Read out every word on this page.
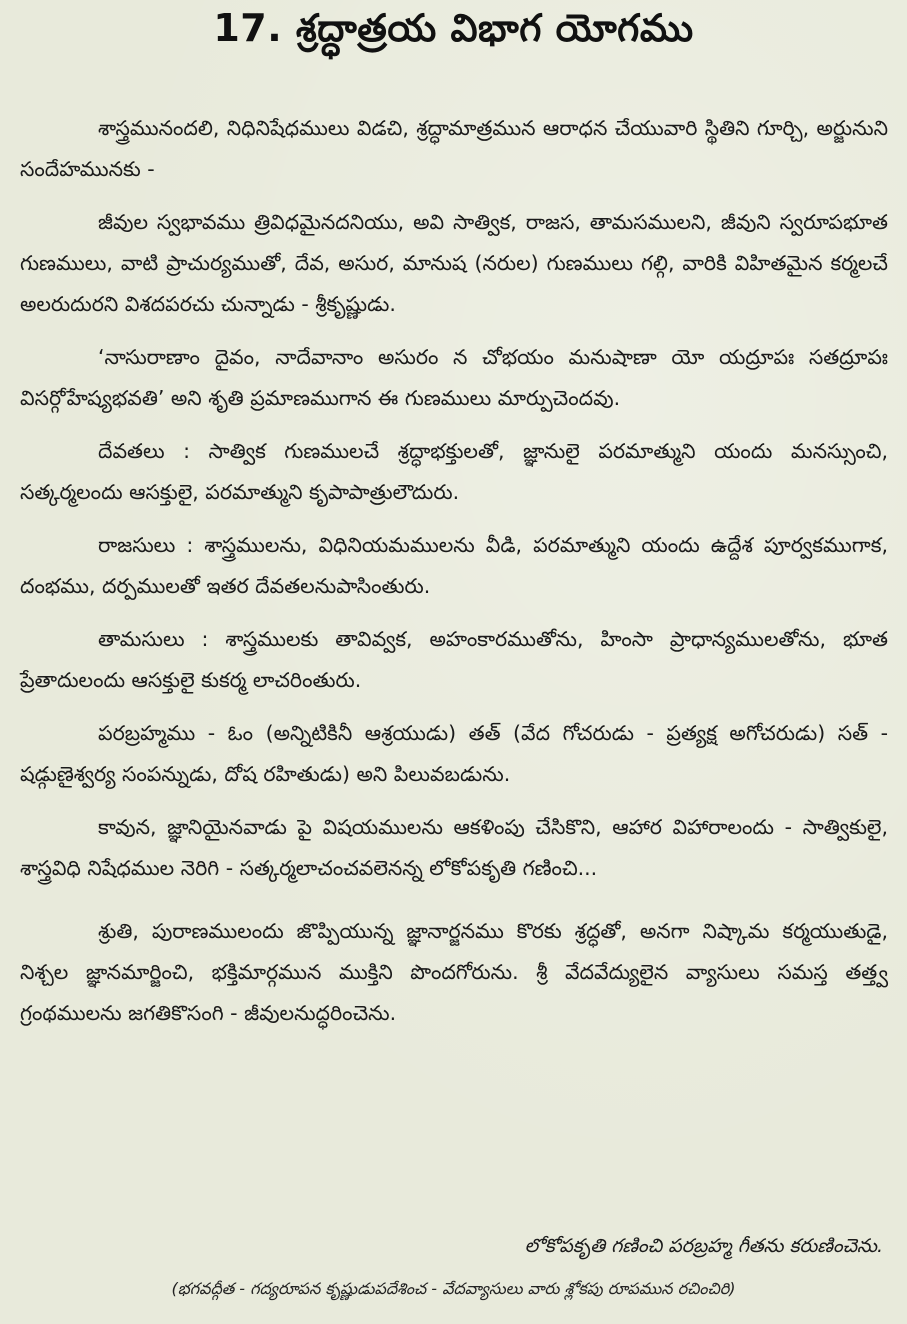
17. శ్రద్ధాత్రయ విభాగ యోగము

శాస్త్రమునందలి, నిధినిషేధములు విడచి, శ్రద్ధామాత్రమున ఆరాధన చేయువారి స్థితిని గూర్చి, అర్జునుని సందేహమునకు -

జీవుల స్వభావము త్రివిధమైనదనియు, అవి సాత్విక, రాజస, తామసములని, జీవుని స్వరూపభూత గుణములు, వాటి ప్రాచుర్యముతో, దేవ, అసుర, మానుష (నరుల) గుణములు గల్గి, వారికి విహితమైన కర్మలచే అలరుదురని విశదపరచు చున్నాడు - శ్రీకృష్ణుడు.

‘నాసురాణాం దైవం, నాదేవానాం అసురం న చోభయం మనుషాణా యో యద్రూపః సతద్రూపః విసర్గోహేష్యభవతి’ అని శృతి ప్రమాణముగాన ఈ గుణములు మార్పుచెందవు.

దేవతలు : సాత్విక గుణములచే శ్రద్ధాభక్తులతో, జ్ఞానులై పరమాత్ముని యందు మనస్సుంచి, సత్కర్మలందు ఆసక్తులై, పరమాత్ముని కృపాపాత్రులౌదురు.

రాజసులు : శాస్త్రములను, విధినియమములను వీడి, పరమాత్ముని యందు ఉద్దేశ పూర్వకముగాక, దంభము, దర్పములతో ఇతర దేవతలనుపాసింతురు.

తామసులు : శాస్త్రములకు తావివ్వక, అహంకారముతోను, హింసా ప్రాధాన్యములతోను, భూత ప్రేతాదులందు ఆసక్తులై కుకర్మ లాచరింతురు.

పరబ్రహ్మము - ఓం (అన్నిటికినీ ఆశ్రయుడు) తత్ (వేద గోచరుడు - ప్రత్యక్ష అగోచరుడు) సత్ - షడ్గుణైశ్వర్య సంపన్నుడు, దోష రహితుడు) అని పిలువబడును.

కావున, జ్ఞానియైనవాడు పై విషయములను ఆకళింపు చేసికొని, ఆహార విహారాలందు - సాత్వికులై, శాస్త్రవిధి నిషేధముల నెరిగి - సత్కర్మలాచంచవలెనన్న లోకోపకృతి గణించి...

శ్రుతి, పురాణములందు జొప్పియున్న జ్ఞానార్జనము కొరకు శ్రద్ధతో, అనగా నిష్కామ కర్మయుతుడై, నిశ్చల జ్ఞానమార్జించి, భక్తిమార్గమున ముక్తిని పొందగోరును. శ్రీ వేదవేద్యులైన వ్యాసులు సమస్త తత్త్వ గ్రంథములను జగతికొసంగి - జీవులనుద్ధరించెను.

లోకోపకృతి గణించి పరబ్రహ్మ గీతను కరుణించెను.
(భగవద్గీత - గద్యరూపన కృష్ణుడుపదేశించ - వేదవ్యాసులు వారు శ్లోకపు రూపమున రచించిరి)
